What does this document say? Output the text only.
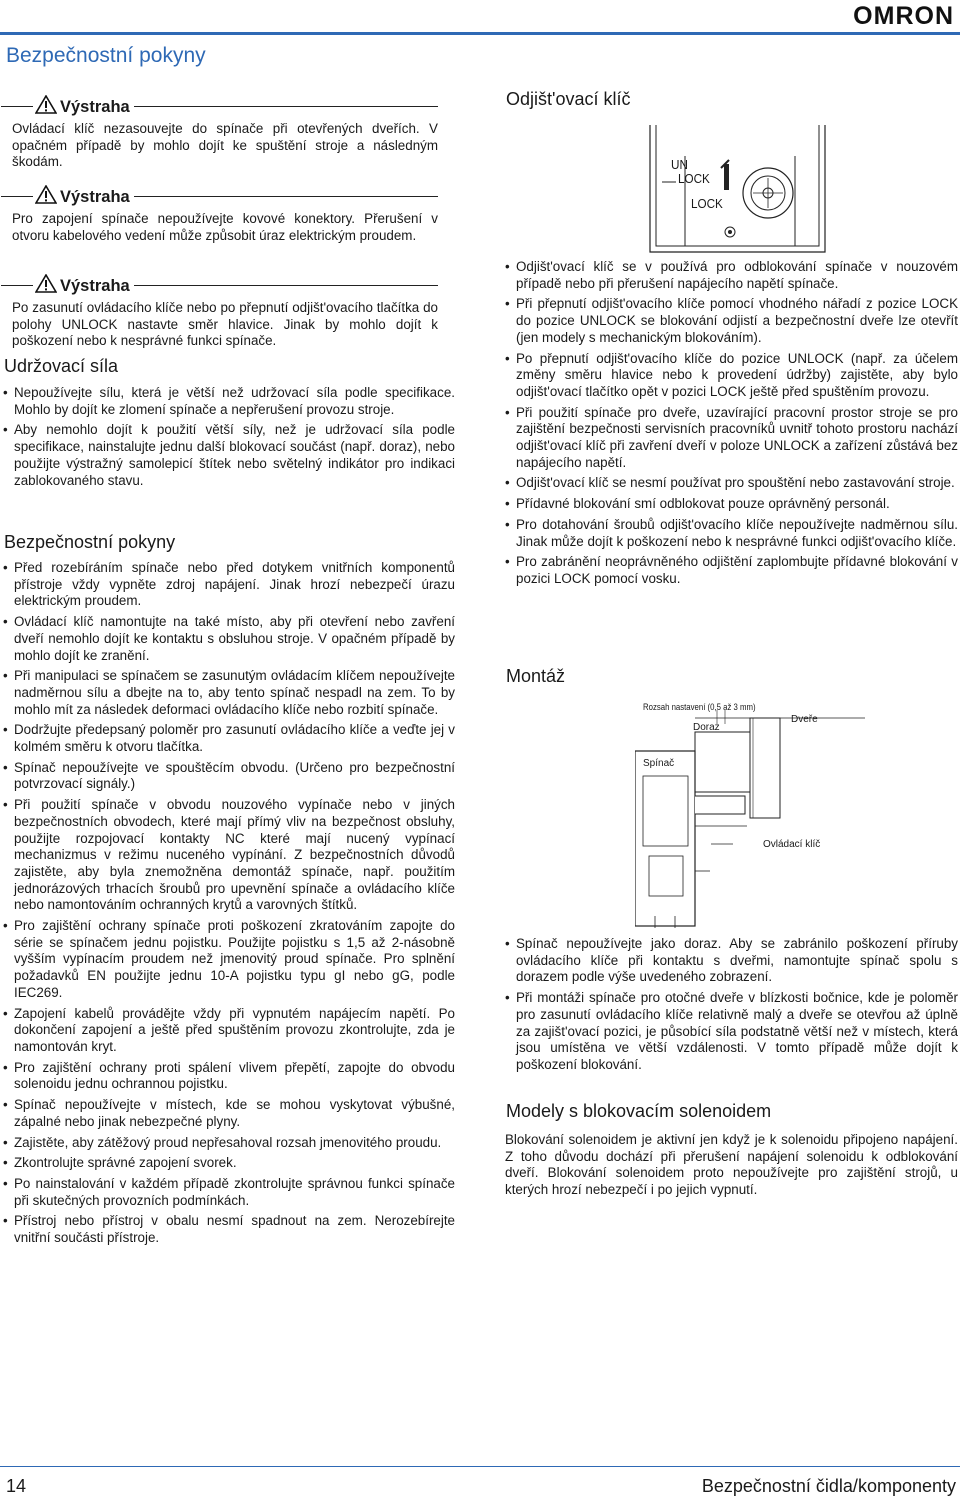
OMRON
Bezpečnostní pokyny
Výstraha

Ovládací klíč nezasouvejte do spínače při otevřených dveřích. V opačném případě by mohlo dojít ke spuštění stroje a následným škodám.

Výstraha

Pro zapojení spínače nepoužívejte kovové konektory. Přerušení v otvoru kabelového vedení může způsobit úraz elektrickým proudem.

Výstraha

Po zasunutí ovládacího klíče nebo po přepnutí odjišt'ovacího tlačítka do polohy UNLOCK nastavte směr hlavice. Jinak by mohlo dojít k poškození nebo k nesprávné funkci spínače.

Udržovací síla
• Nepoužívejte sílu, která je větší než udržovací síla podle specifikace. Mohlo by dojít ke zlomení spínače a nepřerušení provozu stroje.
• Aby nemohlo dojít k použití větší síly, než je udržovací síla podle specifikace, nainstalujte jednu další blokovací součást (např. doraz), nebo použijte výstražný samolepicí štítek nebo světelný indikátor pro indikaci zablokovaného stavu.
Bezpečnostní pokyny
• Před rozebíráním spínače nebo před dotykem vnitřních komponentů přístroje vždy vypněte zdroj napájení. Jinak hrozí nebezpečí úrazu elektrickým proudem.
• Ovládací klíč namontujte na také místo, aby při otevření nebo zavření dveří nemohlo dojít ke kontaktu s obsluhou stroje. V opačném případě by mohlo dojít ke zranění.
• Při manipulaci se spínačem se zasunutým ovládacím klíčem nepoužívejte nadměrnou sílu a dbejte na to, aby tento spínač nespadl na zem. To by mohlo mít za následek deformaci ovládacího klíče nebo rozbití spínače.
• Dodržujte předepsaný poloměr pro zasunutí ovládacího klíče a veďte jej v kolmém směru k otvoru tlačítka.
• Spínač nepoužívejte ve spouštěcím obvodu. (Určeno pro bezpečnostní potvrzovací signály.)
• Při použití spínače v obvodu nouzového vypínače nebo v jiných bezpečnostních obvodech, které mají přímý vliv na bezpečnost obsluhy, použijte rozpojovací kontakty NC které mají nucený vypínací mechanizmus v režimu nuceného vypínání. Z bezpečnostních důvodů zajistěte, aby byla znemožněna demontáž spínače, např. použitím jednorázových trhacích šroubů pro upevnění spínače a ovládacího klíče nebo namontováním ochranných krytů a varovných štítků.
• Pro zajištění ochrany spínače proti poškození zkratováním zapojte do série se spínačem jednu pojistku. Použijte pojistku s 1,5 až 2-násobně vyšším vypínacím proudem než jmenovitý proud spínače. Pro splnění požadavků EN použijte jednu 10-A pojistku typu gI nebo gG, podle IEC269.
• Zapojení kabelů provádějte vždy při vypnutém napájecím napětí. Po dokončení zapojení a ještě před spuštěním provozu zkontrolujte, zda je namontován kryt.
• Pro zajištění ochrany proti spálení vlivem přepětí, zapojte do obvodu solenoidu jednu ochrannou pojistku.
• Spínač nepoužívejte v místech, kde se mohou vyskytovat výbušné, zápalné nebo jinak nebezpečné plyny.
• Zajistěte, aby zátěžový proud nepřesahoval rozsah jmenovitého proudu.
• Zkontrolujte správné zapojení svorek.
• Po nainstalování v každém případě zkontrolujte správnou funkci spínače při skutečných provozních podmínkách.
• Přístroj nebo přístroj v obalu nesmí spadnout na zem. Nerozebírejte vnitřní součásti přístroje.
Odjišt'ovací klíč
UN
LOCK
LOCK
• Odjišt'ovací klíč se v používá pro odblokování spínače v nouzovém případě nebo při přerušení napájecího napětí spínače.
• Při přepnutí odjišt'ovacího klíče pomocí vhodného nářadí z pozice LOCK do pozice UNLOCK se blokování odjistí a bezpečnostní dveře lze otevřít (jen modely s mechanickým blokováním).
• Po přepnutí odjišt'ovacího klíče do pozice UNLOCK (např. za účelem změny směru hlavice nebo k provedení údržby) zajistěte, aby bylo odjišt'ovací tlačítko opět v pozici LOCK ještě před spuštěním provozu.
• Při použití spínače pro dveře, uzavírající pracovní prostor stroje se pro zajištění bezpečnosti servisních pracovníků uvnitř tohoto prostoru nachází odjišt'ovací klíč při zavření dveří v poloze UNLOCK a zařízení zůstává bez napájecího napětí.
• Odjišt'ovací klíč se nesmí používat pro spouštění nebo zastavování stroje.
• Přídavné blokování smí odblokovat pouze oprávněný personál.
• Pro dotahování šroubů odjišt'ovacího klíče nepoužívejte nadměrnou sílu. Jinak může dojít k poškození nebo k nesprávné funkci odjišt'ovacího klíče.
• Pro zabránění neoprávněného odjištění zaplombujte přídavné blokování v pozici LOCK pomocí vosku.
Montáž
Rozsah nastavení (0,5 až 3 mm)
Doraz
Dveře
Spínač
Ovládací klíč
• Spínač nepoužívejte jako doraz. Aby se zabránilo poškození příruby ovládacího klíče při kontaktu s dveřmi, namontujte spínač spolu s dorazem podle výše uvedeného zobrazení.
• Při montáži spínače pro otočné dveře v blízkosti bočnice, kde je poloměr pro zasunutí ovládacího klíče relativně malý a dveře se otevřou až úplně za zajišt'ovací pozici, je působící síla podstatně větší než v místech, která jsou umístěna ve větší vzdálenosti. V tomto případě může dojít k poškození blokování.
Modely s blokovacím solenoidem

Blokování solenoidem je aktivní jen když je k solenoidu připojeno napájení. Z toho důvodu dochází při přerušení napájení solenoidu k odblokování dveří. Blokování solenoidem proto nepoužívejte pro zajištění strojů, u kterých hrozí nebezpečí i po jejich vypnutí.

14	Bezpečnostní čidla/komponenty
